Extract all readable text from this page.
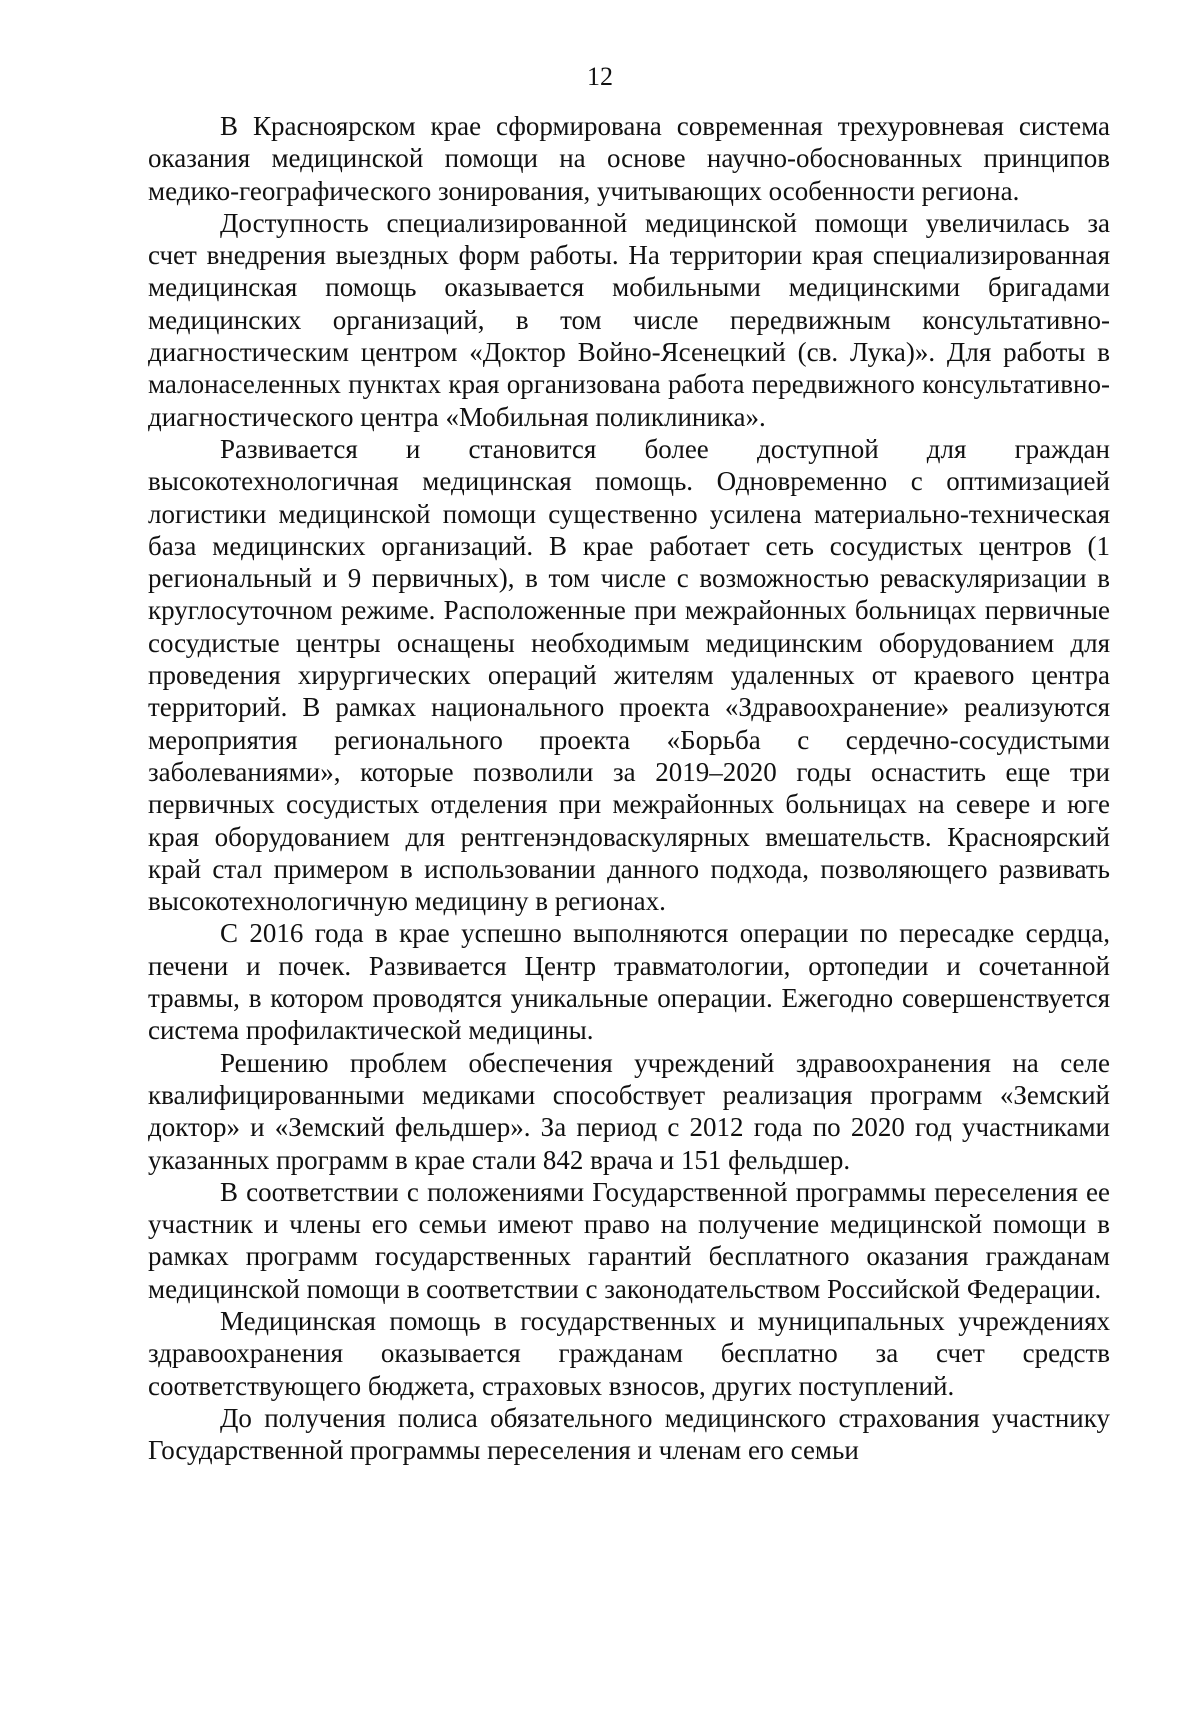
12

В Красноярском крае сформирована современная трехуровневая система оказания медицинской помощи на основе научно-обоснованных принципов медико-географического зонирования, учитывающих особенности региона.

Доступность специализированной медицинской помощи увеличилась за счет внедрения выездных форм работы. На территории края специализированная медицинская помощь оказывается мобильными медицинскими бригадами медицинских организаций, в том числе передвижным консультативно-диагностическим центром «Доктор Войно-Ясенецкий (св. Лука)». Для работы в малонаселенных пунктах края организована работа передвижного консультативно-диагностического центра «Мобильная поликлиника».

Развивается и становится более доступной для граждан высокотехнологичная медицинская помощь. Одновременно с оптимизацией логистики медицинской помощи существенно усилена материально-техническая база медицинских организаций. В крае работает сеть сосудистых центров (1 региональный и 9 первичных), в том числе с возможностью реваскуляризации в круглосуточном режиме. Расположенные при межрайонных больницах первичные сосудистые центры оснащены необходимым медицинским оборудованием для проведения хирургических операций жителям удаленных от краевого центра территорий. В рамках национального проекта «Здравоохранение» реализуются мероприятия регионального проекта «Борьба с сердечно-сосудистыми заболеваниями», которые позволили за 2019–2020 годы оснастить еще три первичных сосудистых отделения при межрайонных больницах на севере и юге края оборудованием для рентгенэндоваскулярных вмешательств. Красноярский край стал примером в использовании данного подхода, позволяющего развивать высокотехнологичную медицину в регионах.

С 2016 года в крае успешно выполняются операции по пересадке сердца, печени и почек. Развивается Центр травматологии, ортопедии и сочетанной травмы, в котором проводятся уникальные операции. Ежегодно совершенствуется система профилактической медицины.

Решению проблем обеспечения учреждений здравоохранения на селе квалифицированными медиками способствует реализация программ «Земский доктор» и «Земский фельдшер». За период с 2012 года по 2020 год участниками указанных программ в крае стали 842 врача и 151 фельдшер.

В соответствии с положениями Государственной программы переселения ее участник и члены его семьи имеют право на получение медицинской помощи в рамках программ государственных гарантий бесплатного оказания гражданам медицинской помощи в соответствии с законодательством Российской Федерации.

Медицинская помощь в государственных и муниципальных учреждениях здравоохранения оказывается гражданам бесплатно за счет средств соответствующего бюджета, страховых взносов, других поступлений.

До получения полиса обязательного медицинского страхования участнику Государственной программы переселения и членам его семьи
